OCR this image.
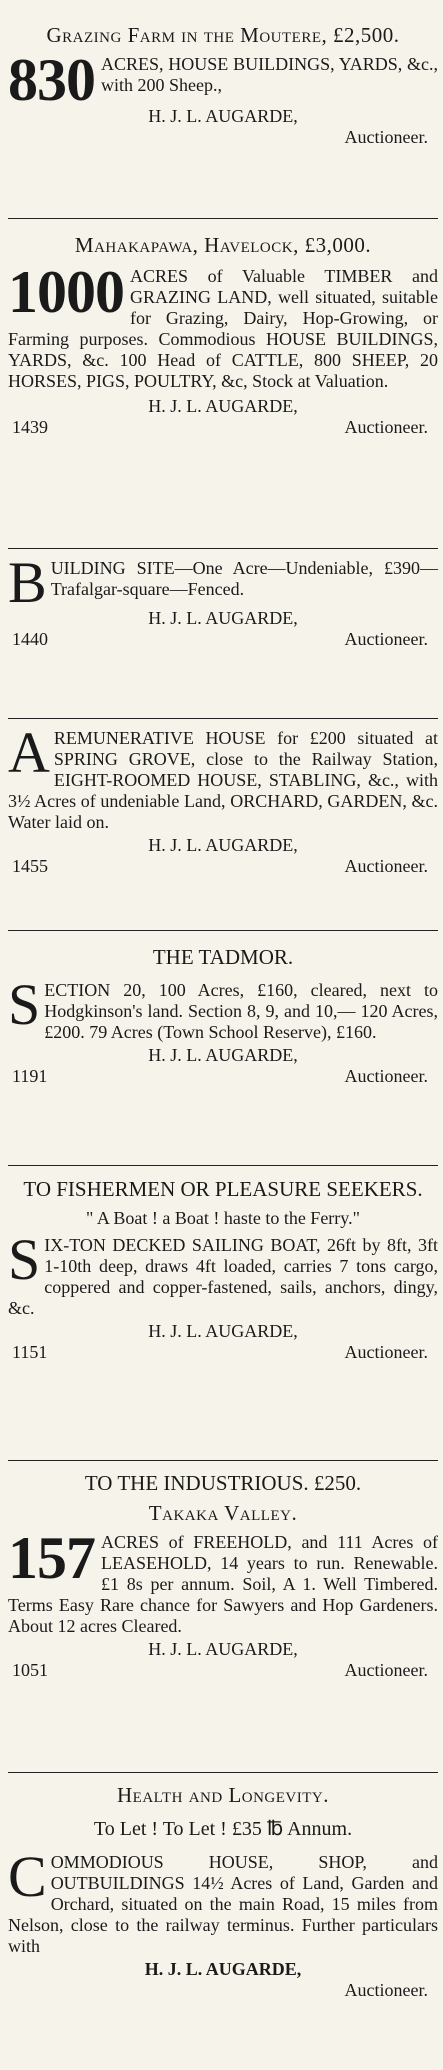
Grazing Farm in the Moutere, £2,500.
830 ACRES, HOUSE BUILDINGS, YARDS, &c., with 200 Sheep.,
H. J. L. AUGARDE,
Auctioneer.
Mahakapawa, Havelock, £3,000.
1000 ACRES of Valuable TIMBER and GRAZING LAND, well situated, suitable for Grazing, Dairy, Hop-Growing, or Farming purposes. Commodious HOUSE BUILDINGS, YARDS, &c. 100 Head of CATTLE, 800 SHEEP, 20 HORSES, PIGS, POULTRY, &c, Stock at Valuation.
H. J. L. AUGARDE,
1439	Auctioneer.
B UILDING SITE—One Acre—Undeniable, £390—Trafalgar-square—Fenced.
H. J. L. AUGARDE,
1440	Auctioneer.
A REMUNERATIVE HOUSE for £200 situated at SPRING GROVE, close to the Railway Station, EIGHT-ROOMED HOUSE, STABLING, &c., with 3½ Acres of undeniable Land, ORCHARD, GARDEN, &c. Water laid on.
H. J. L. AUGARDE,
1455	Auctioneer.
THE TADMOR.
S ECTION 20, 100 Acres, £160, cleared, next to Hodgkinson's land. Section 8, 9, and 10,— 120 Acres, £200. 79 Acres (Town School Reserve), £160.
H. J. L. AUGARDE,
1191	Auctioneer.
TO FISHERMEN OR PLEASURE SEEKERS.
" A Boat ! a Boat ! haste to the Ferry."
S IX-TON DECKED SAILING BOAT, 26ft by 8ft, 3ft 1-10th deep, draws 4ft loaded, carries 7 tons cargo, coppered and copper-fastened, sails, anchors, dingy, &c.
H. J. L. AUGARDE,
1151	Auctioneer.
TO THE INDUSTRIOUS. £250.
Takaka Valley.
157 ACRES of FREEHOLD, and 111 Acres of LEASEHOLD, 14 years to run. Renewable. £1 8s per annum. Soil, A 1. Well Timbered. Terms Easy Rare chance for Sawyers and Hop Gardeners. About 12 acres Cleared.
H. J. L. AUGARDE,
1051	Auctioneer.
Health and Longevity.
To Let ! To Let ! £35 ℔ Annum.
C OMMODIOUS HOUSE, SHOP, and OUTBUILDINGS 14½ Acres of Land, Garden and Orchard, situated on the main Road, 15 miles from Nelson, close to the railway terminus. Further particulars with
H. J. L. AUGARDE,
Auctioneer.
